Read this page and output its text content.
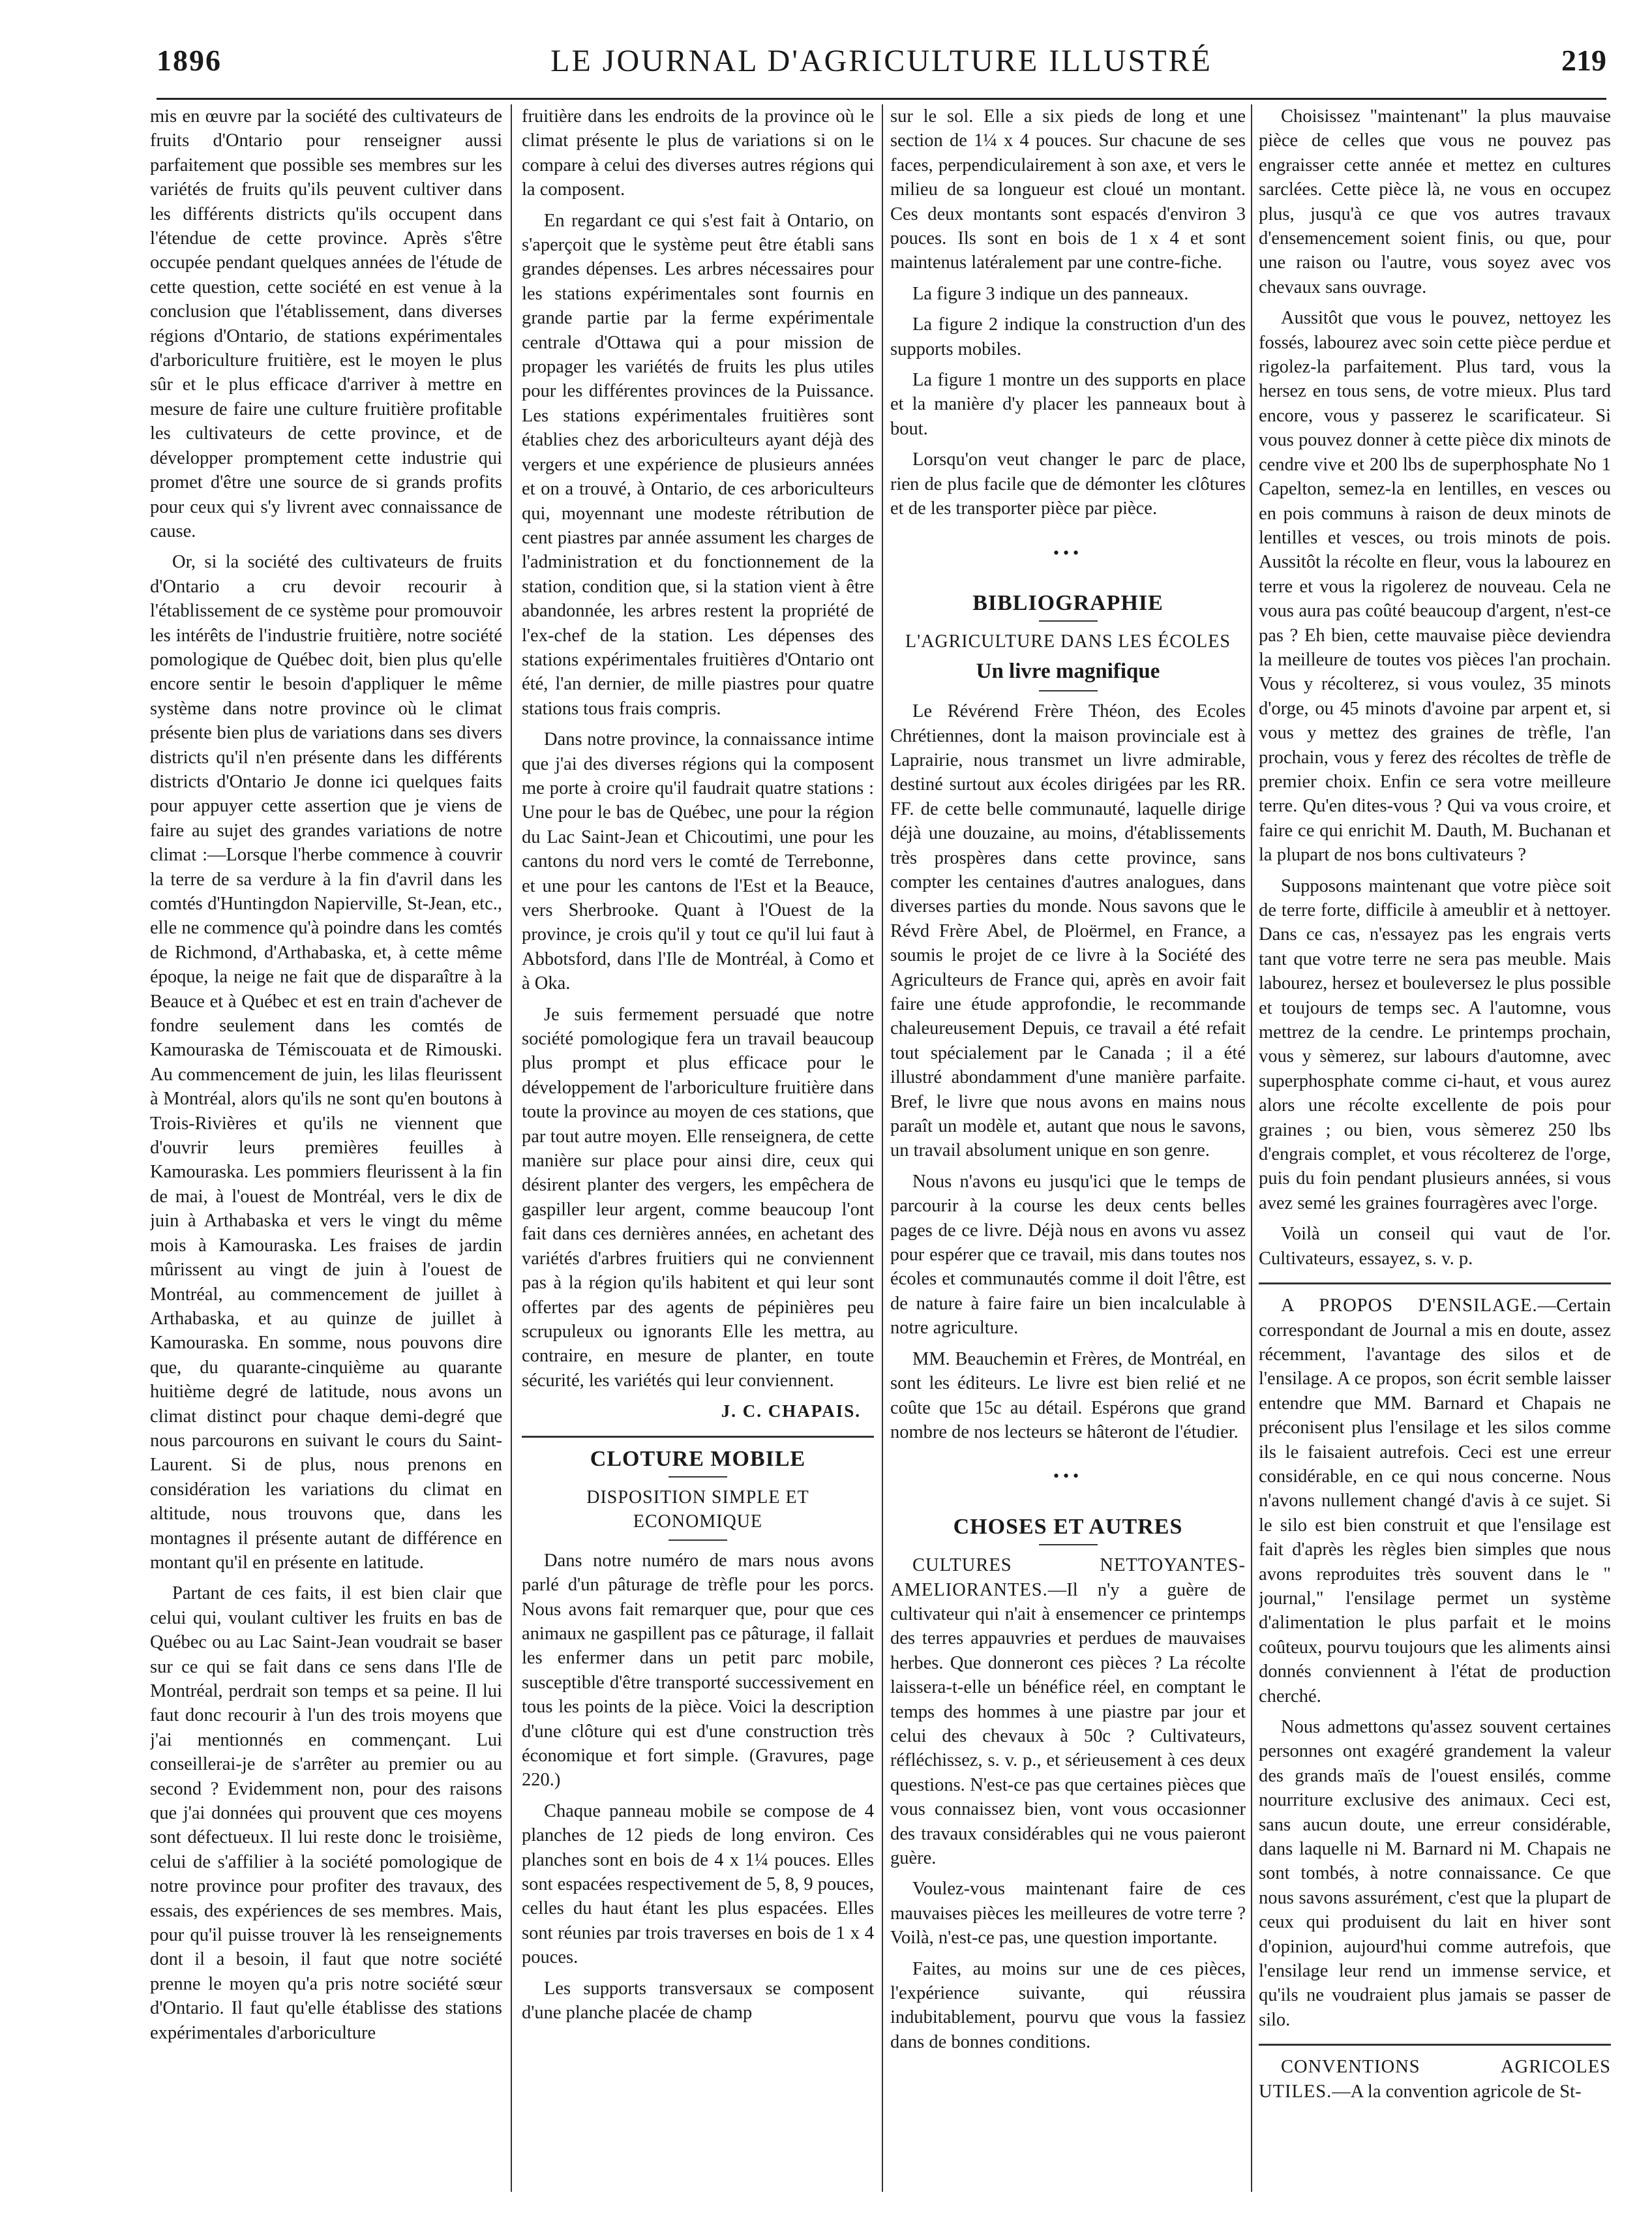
1896	LE JOURNAL D'AGRICULTURE ILLUSTRÉ	219

mis en œuvre par la société des cultivateurs de fruits d'Ontario pour renseigner aussi parfaitement que possible ses membres sur les variétés de fruits qu'ils peuvent cultiver dans les différents districts qu'ils occupent dans l'étendue de cette province. Après s'être occupée pendant quelques années de l'étude de cette question, cette société en est venue à la conclusion que l'établissement, dans diverses régions d'Ontario, de stations expérimentales d'arboriculture fruitière, est le moyen le plus sûr et le plus efficace d'arriver à mettre en mesure de faire une culture fruitière profitable les cultivateurs de cette province, et de développer promptement cette industrie qui promet d'être une source de si grands profits pour ceux qui s'y livrent avec connaissance de cause.

Or, si la société des cultivateurs de fruits d'Ontario a cru devoir recourir à l'établissement de ce système pour promouvoir les intérêts de l'industrie fruitière, notre société pomologique de Québec doit, bien plus qu'elle encore sentir le besoin d'appliquer le même système dans notre province où le climat présente bien plus de variations dans ses divers districts qu'il n'en présente dans les différents districts d'Ontario Je donne ici quelques faits pour appuyer cette assertion que je viens de faire au sujet des grandes variations de notre climat :—Lorsque l'herbe commence à couvrir la terre de sa verdure à la fin d'avril dans les comtés d'Huntingdon Napierville, St-Jean, etc., elle ne commence qu'à poindre dans les comtés de Richmond, d'Arthabaska, et, à cette même époque, la neige ne fait que de disparaître à la Beauce et à Québec et est en train d'achever de fondre seulement dans les comtés de Kamouraska de Témiscouata et de Rimouski. Au commencement de juin, les lilas fleurissent à Montréal, alors qu'ils ne sont qu'en boutons à Trois-Rivières et qu'ils ne viennent que d'ouvrir leurs premières feuilles à Kamouraska. Les pommiers fleurissent à la fin de mai, à l'ouest de Montréal, vers le dix de juin à Arthabaska et vers le vingt du même mois à Kamouraska. Les fraises de jardin mûrissent au vingt de juin à l'ouest de Montréal, au commencement de juillet à Arthabaska, et au quinze de juillet à Kamouraska. En somme, nous pouvons dire que, du quarante-cinquième au quarante huitième degré de latitude, nous avons un climat distinct pour chaque demi-degré que nous parcourons en suivant le cours du Saint-Laurent. Si de plus, nous prenons en considération les variations du climat en altitude, nous trouvons que, dans les montagnes il présente autant de différence en montant qu'il en présente en latitude.

Partant de ces faits, il est bien clair que celui qui, voulant cultiver les fruits en bas de Québec ou au Lac Saint-Jean voudrait se baser sur ce qui se fait dans ce sens dans l'Ile de Montréal, perdrait son temps et sa peine. Il lui faut donc recourir à l'un des trois moyens que j'ai mentionnés en commençant. Lui conseillerai-je de s'arrêter au premier ou au second ? Evidemment non, pour des raisons que j'ai données qui prouvent que ces moyens sont défectueux. Il lui reste donc le troisième, celui de s'affilier à la société pomologique de notre province pour profiter des travaux, des essais, des expériences de ses membres. Mais, pour qu'il puisse trouver là les renseignements dont il a besoin, il faut que notre société prenne le moyen qu'a pris notre société sœur d'Ontario. Il faut qu'elle établisse des stations expérimentales d'arboriculture

fruitière dans les endroits de la province où le climat présente le plus de variations si on le compare à celui des diverses autres régions qui la composent.

En regardant ce qui s'est fait à Ontario, on s'aperçoit que le système peut être établi sans grandes dépenses. Les arbres nécessaires pour les stations expérimentales sont fournis en grande partie par la ferme expérimentale centrale d'Ottawa qui a pour mission de propager les variétés de fruits les plus utiles pour les différentes provinces de la Puissance. Les stations expérimentales fruitières sont établies chez des arboriculteurs ayant déjà des vergers et une expérience de plusieurs années et on a trouvé, à Ontario, de ces arboriculteurs qui, moyennant une modeste rétribution de cent piastres par année assument les charges de l'administration et du fonctionnement de la station, condition que, si la station vient à être abandonnée, les arbres restent la propriété de l'ex-chef de la station. Les dépenses des stations expérimentales fruitières d'Ontario ont été, l'an dernier, de mille piastres pour quatre stations tous frais compris.

Dans notre province, la connaissance intime que j'ai des diverses régions qui la composent me porte à croire qu'il faudrait quatre stations : Une pour le bas de Québec, une pour la région du Lac Saint-Jean et Chicoutimi, une pour les cantons du nord vers le comté de Terrebonne, et une pour les cantons de l'Est et la Beauce, vers Sherbrooke. Quant à l'Ouest de la province, je crois qu'il y tout ce qu'il lui faut à Abbotsford, dans l'Ile de Montréal, à Como et à Oka.

Je suis fermement persuadé que notre société pomologique fera un travail beaucoup plus prompt et plus efficace pour le développement de l'arboriculture fruitière dans toute la province au moyen de ces stations, que par tout autre moyen. Elle renseignera, de cette manière sur place pour ainsi dire, ceux qui désirent planter des vergers, les empêchera de gaspiller leur argent, comme beaucoup l'ont fait dans ces dernières années, en achetant des variétés d'arbres fruitiers qui ne conviennent pas à la région qu'ils habitent et qui leur sont offertes par des agents de pépinières peu scrupuleux ou ignorants Elle les mettra, au contraire, en mesure de planter, en toute sécurité, les variétés qui leur conviennent.

J. C. CHAPAIS.
CLOTURE MOBILE
DISPOSITION SIMPLE ET ECONOMIQUE

Dans notre numéro de mars nous avons parlé d'un pâturage de trèfle pour les porcs. Nous avons fait remarquer que, pour que ces animaux ne gaspillent pas ce pâturage, il fallait les enfermer dans un petit parc mobile, susceptible d'être transporté successivement en tous les points de la pièce. Voici la description d'une clôture qui est d'une construction très économique et fort simple. (Gravures, page 220.)

Chaque panneau mobile se compose de 4 planches de 12 pieds de long environ. Ces planches sont en bois de 4 x 1¼ pouces. Elles sont espacées respectivement de 5, 8, 9 pouces, celles du haut étant les plus espacées. Elles sont réunies par trois traverses en bois de 1 x 4 pouces.

Les supports transversaux se composent d'une planche placée de champ

sur le sol. Elle a six pieds de long et une section de 1¼ x 4 pouces. Sur chacune de ses faces, perpendiculairement à son axe, et vers le milieu de sa longueur est cloué un montant. Ces deux montants sont espacés d'environ 3 pouces. Ils sont en bois de 1 x 4 et sont maintenus latéralement par une contre-fiche.

La figure 3 indique un des panneaux.

La figure 2 indique la construction d'un des supports mobiles.

La figure 1 montre un des supports en place et la manière d'y placer les panneaux bout à bout.

Lorsqu'on veut changer le parc de place, rien de plus facile que de démonter les clôtures et de les transporter pièce par pièce.

•••
BIBLIOGRAPHIE
L'AGRICULTURE DANS LES ÉCOLES
Un livre magnifique

Le Révérend Frère Théon, des Ecoles Chrétiennes, dont la maison provinciale est à Laprairie, nous transmet un livre admirable, destiné surtout aux écoles dirigées par les RR. FF. de cette belle communauté, laquelle dirige déjà une douzaine, au moins, d'établissements très prospères dans cette province, sans compter les centaines d'autres analogues, dans diverses parties du monde. Nous savons que le Révd Frère Abel, de Ploërmel, en France, a soumis le projet de ce livre à la Société des Agriculteurs de France qui, après en avoir fait faire une étude approfondie, le recommande chaleureusement Depuis, ce travail a été refait tout spécialement par le Canada ; il a été illustré abondamment d'une manière parfaite. Bref, le livre que nous avons en mains nous paraît un modèle et, autant que nous le savons, un travail absolument unique en son genre.

Nous n'avons eu jusqu'ici que le temps de parcourir à la course les deux cents belles pages de ce livre. Déjà nous en avons vu assez pour espérer que ce travail, mis dans toutes nos écoles et communautés comme il doit l'être, est de nature à faire faire un bien incalculable à notre agriculture.

MM. Beauchemin et Frères, de Montréal, en sont les éditeurs. Le livre est bien relié et ne coûte que 15c au détail. Espérons que grand nombre de nos lecteurs se hâteront de l'étudier.

•••
CHOSES ET AUTRES

CULTURES NETTOYANTES-AMELIORANTES.—Il n'y a guère de cultivateur qui n'ait à ensemencer ce printemps des terres appauvries et perdues de mauvaises herbes. Que donneront ces pièces ? La récolte laissera-t-elle un bénéfice réel, en comptant le temps des hommes à une piastre par jour et celui des chevaux à 50c ? Cultivateurs, réfléchissez, s. v. p., et sérieusement à ces deux questions. N'est-ce pas que certaines pièces que vous connaissez bien, vont vous occasionner des travaux considérables qui ne vous paieront guère.

Voulez-vous maintenant faire de ces mauvaises pièces les meilleures de votre terre ? Voilà, n'est-ce pas, une question importante.

Faites, au moins sur une de ces pièces, l'expérience suivante, qui réussira indubitablement, pourvu que vous la fassiez dans de bonnes conditions.

Choisissez "maintenant" la plus mauvaise pièce de celles que vous ne pouvez pas engraisser cette année et mettez en cultures sarclées. Cette pièce là, ne vous en occupez plus, jusqu'à ce que vos autres travaux d'ensemencement soient finis, ou que, pour une raison ou l'autre, vous soyez avec vos chevaux sans ouvrage.

Aussitôt que vous le pouvez, nettoyez les fossés, labourez avec soin cette pièce perdue et rigolez-la parfaitement. Plus tard, vous la hersez en tous sens, de votre mieux. Plus tard encore, vous y passerez le scarificateur. Si vous pouvez donner à cette pièce dix minots de cendre vive et 200 lbs de superphosphate No 1 Capelton, semez-la en lentilles, en vesces ou en pois communs à raison de deux minots de lentilles et vesces, ou trois minots de pois. Aussitôt la récolte en fleur, vous la labourez en terre et vous la rigolerez de nouveau. Cela ne vous aura pas coûté beaucoup d'argent, n'est-ce pas ? Eh bien, cette mauvaise pièce deviendra la meilleure de toutes vos pièces l'an prochain. Vous y récolterez, si vous voulez, 35 minots d'orge, ou 45 minots d'avoine par arpent et, si vous y mettez des graines de trèfle, l'an prochain, vous y ferez des récoltes de trèfle de premier choix. Enfin ce sera votre meilleure terre. Qu'en dites-vous ? Qui va vous croire, et faire ce qui enrichit M. Dauth, M. Buchanan et la plupart de nos bons cultivateurs ?

Supposons maintenant que votre pièce soit de terre forte, difficile à ameublir et à nettoyer. Dans ce cas, n'essayez pas les engrais verts tant que votre terre ne sera pas meuble. Mais labourez, hersez et bouleversez le plus possible et toujours de temps sec. A l'automne, vous mettrez de la cendre. Le printemps prochain, vous y sèmerez, sur labours d'automne, avec superphosphate comme ci-haut, et vous aurez alors une récolte excellente de pois pour graines ; ou bien, vous sèmerez 250 lbs d'engrais complet, et vous récolterez de l'orge, puis du foin pendant plusieurs années, si vous avez semé les graines fourragères avec l'orge.

Voilà un conseil qui vaut de l'or. Cultivateurs, essayez, s. v. p.

A PROPOS D'ENSILAGE.—Certain correspondant de Journal a mis en doute, assez récemment, l'avantage des silos et de l'ensilage. A ce propos, son écrit semble laisser entendre que MM. Barnard et Chapais ne préconisent plus l'ensilage et les silos comme ils le faisaient autrefois. Ceci est une erreur considérable, en ce qui nous concerne. Nous n'avons nullement changé d'avis à ce sujet. Si le silo est bien construit et que l'ensilage est fait d'après les règles bien simples que nous avons reproduites très souvent dans le " journal," l'ensilage permet un système d'alimentation le plus parfait et le moins coûteux, pourvu toujours que les aliments ainsi donnés conviennent à l'état de production cherché.

Nous admettons qu'assez souvent certaines personnes ont exagéré grandement la valeur des grands maïs de l'ouest ensilés, comme nourriture exclusive des animaux. Ceci est, sans aucun doute, une erreur considérable, dans laquelle ni M. Barnard ni M. Chapais ne sont tombés, à notre connaissance. Ce que nous savons assurément, c'est que la plupart de ceux qui produisent du lait en hiver sont d'opinion, aujourd'hui comme autrefois, que l'ensilage leur rend un immense service, et qu'ils ne voudraient plus jamais se passer de silo.

CONVENTIONS AGRICOLES UTILES.—A la convention agricole de St-
